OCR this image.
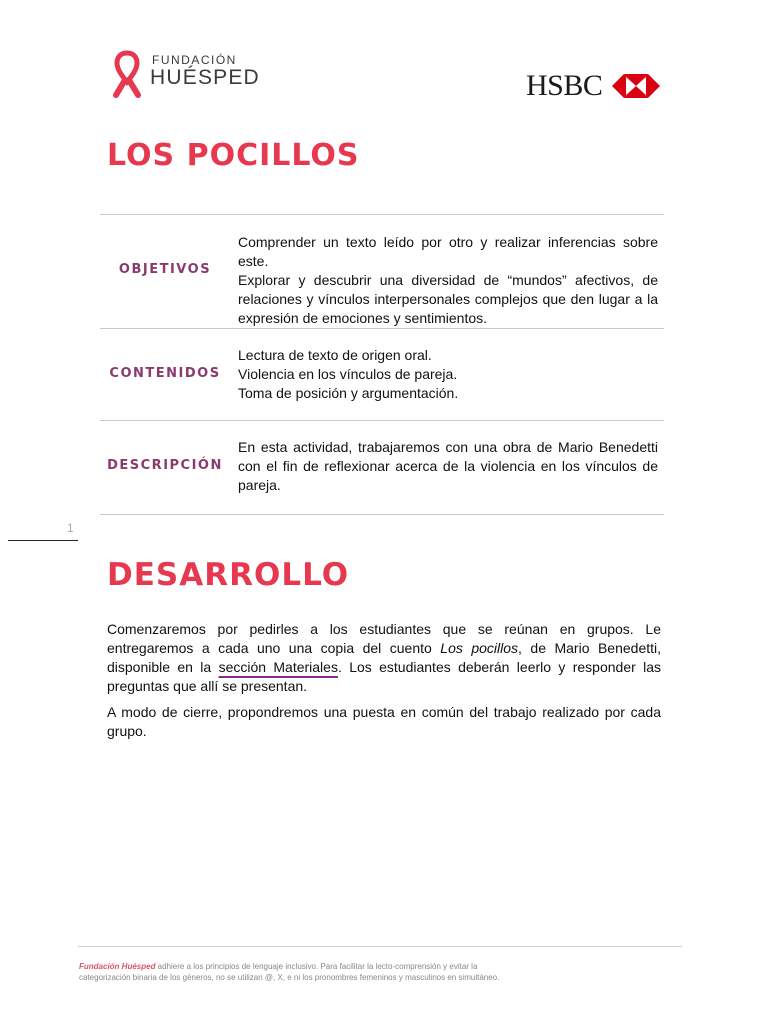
FUNDACIÓN
HUÉSPED	HSBC
LOS POCILLOS
OBJETIVOS

Comprender un texto leído por otro y realizar inferencias sobre este.

Explorar y descubrir una diversidad de “mundos” afectivos, de relaciones y vínculos interpersonales complejos que den lugar a la expresión de emociones y sentimientos.

CONTENIDOS

Lectura de texto de origen oral.

Violencia en los vínculos de pareja.

Toma de posición y argumentación.

DESCRIPCIÓN

En esta actividad, trabajaremos con una obra de Mario Benedetti con el fin de reflexionar acerca de la violencia en los vínculos de pareja.

1
DESARROLLO

Comenzaremos por pedirles a los estudiantes que se reúnan en grupos. Le entregaremos a cada uno una copia del cuento Los pocillos, de Mario Benedetti, disponible en la sección Materiales. Los estudiantes deberán leerlo y responder las preguntas que allí se presentan.

A modo de cierre, propondremos una puesta en común del trabajo realizado por cada grupo.

Fundación Huésped adhiere a los principios de lenguaje inclusivo. Para facilitar la lecto-comprensión y evitar la categorización binaria de los géneros, no se utilizan @, X, e ni los pronombres femeninos y masculinos en simultáneo.
